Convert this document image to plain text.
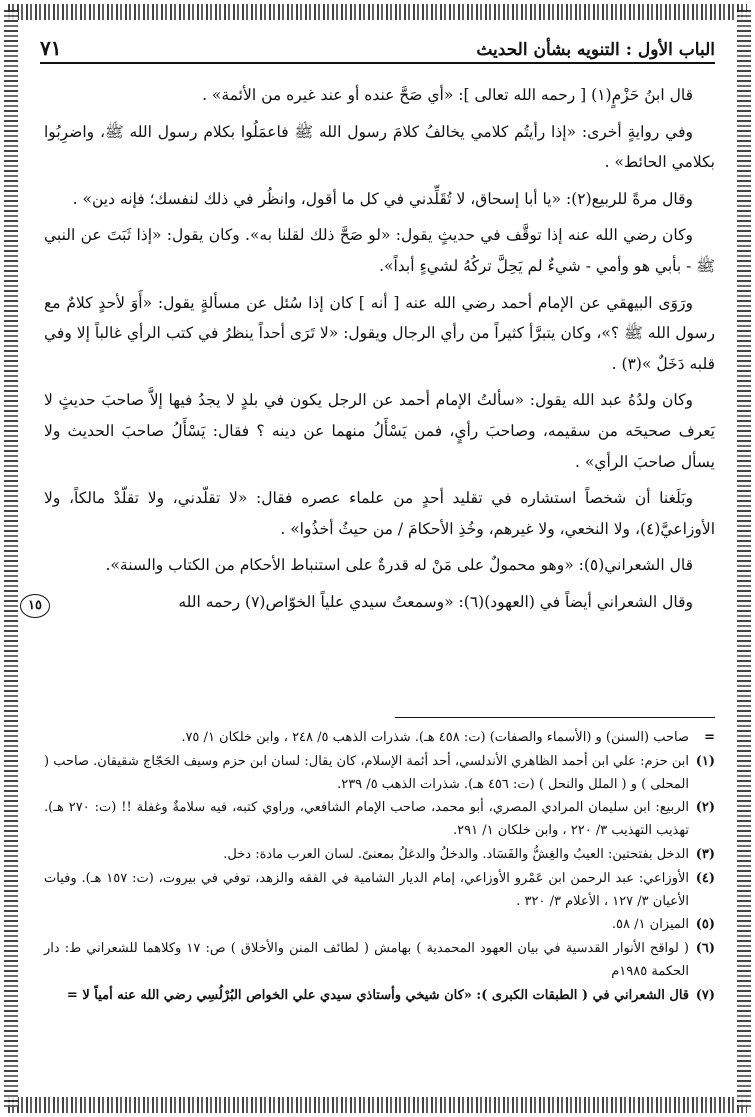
الباب الأول : التنويه بشأن الحديث
٧١

قال ابنُ حَزْمٍ(١) [ رحمه الله تعالى ]: «أي صَحَّ عنده أو عند غيره من الأئمة» .

وفي روايةٍ أخرى: «إذا رأيتُم كلامي يخالفُ كلامَ رسول الله ﷺ فاعمَلُوا بكلام رسول الله ﷺ، واضرِبُوا بكلامي الحائط» .

وقال مرةً للربيع(٢): «يا أبا إسحاق، لا تُقَلِّدني في كل ما أقول، وانظُر في ذلك لنفسك؛ فإنه دين» .

وكان رضي الله عنه إذا توقَّف في حديثٍ يقول: «لو صَحَّ ذلك لقلنا به». وكان يقول: «إذا ثَبَتَ عن النبي ﷺ - بأبي هو وأمي - شيءٌ لم يَحِلَّ تركُهُ لشيءٍ أبداً».

ورَوَى البيهقي عن الإمام أحمد رضي الله عنه [ أنه ] كان إذا سُئل عن مسألةٍ يقول: «أَوَ لأحدٍ كلامٌ مع رسول الله ﷺ ؟»، وكان يتبرَّأ كثيراً من رأي الرجال ويقول: «لا تَرَى أحداً ينظرُ في كتب الرأي غالباً إلا وفي قلبه دَخَلٌ »(٣) .

وكان ولدُهُ عبد الله يقول: «سألتُ الإمام أحمد عن الرجل يكون في بلدٍ لا يجدُ فيها إلاَّ صاحبَ حديثٍ لا يَعرف صحيحَه من سقيمه، وصاحبَ رأيٍ، فمن يَسْأَلُ منهما عن دينه ؟ فقال: يَسْأَلُ صاحبَ الحديث ولا يسأل صاحبَ الرأي» .

وبَلَغنا أن شخصاً استشاره في تقليد أحدٍ من علماء عصره فقال: «لا تقلّدني، ولا تقلّدْ مالكاً، ولا الأوزاعيَّ(٤)، ولا النخعي، ولا غيرهم، وخُذِ الأحكامَ / من حيثُ أخذُوا» .

قال الشعراني(٥): «وهو محمولٌ على مَنْ له قدرةٌ على استنباط الأحكام من الكتاب والسنة».

وقال الشعراني أيضاً في (العهود)(٦): «وسمعتُ سيدي علياً الخوّاص(٧) رحمه الله

١٥
=
صاحب (السنن) و (الأسماء والصفات) (ت: ٤٥٨ هـ). شذرات الذهب ٥/ ٢٤٨ ، وابن خلكان ١/ ٧٥.
(١)
ابن حزم: علي ابن أحمد الظاهري الأندلسي، أحد أئمة الإسلام، كان يقال: لسان ابن حزم وسيف الحَجّاج شقيقان. صاحب ( المحلى ) و ( الملل والنحل ) (ت: ٤٥٦ هـ). شذرات الذهب ٥/ ٢٣٩.
(٢)
الربيع: ابن سليمان المرادي المصري، أبو محمد، صاحب الإمام الشافعي، وراوي كتبه، فيه سلامةٌ وغفلة !! (ت: ٢٧٠ هـ). تهذيب التهذيب ٣/ ٢٢٠ ، وابن خلكان ١/ ٢٩١.
(٣)
الدخل بفتحتين: العيبُ والغِشُّ والفَسَاد. والدخلُ والدغلُ بمعنىً. لسان العرب مادة: دخل.
(٤)
الأوزاعي: عبد الرحمن ابن عَمْرو الأوزاعي، إمام الديار الشامية في الفقه والزهد، توفي في بيروت، (ت: ١٥٧ هـ). وفيات الأعيان ٣/ ١٢٧ ، الأعلام ٣/ ٣٢٠ .
(٥)
الميزان ١/ ٥٨.
(٦)
( لواقح الأنوار القدسية في بيان العهود المحمدية ) بهامش ( لطائف المنن والأخلاق ) ص: ١٧ وكلاهما للشعراني ط: دار الحكمة ١٩٨٥م
(٧)
قال الشعراني في ( الطبقات الكبرى ): «كان شيخي وأستاذي سيدي علي الخواص البُرْلُسِي رضي الله عنه أمياً لا =
